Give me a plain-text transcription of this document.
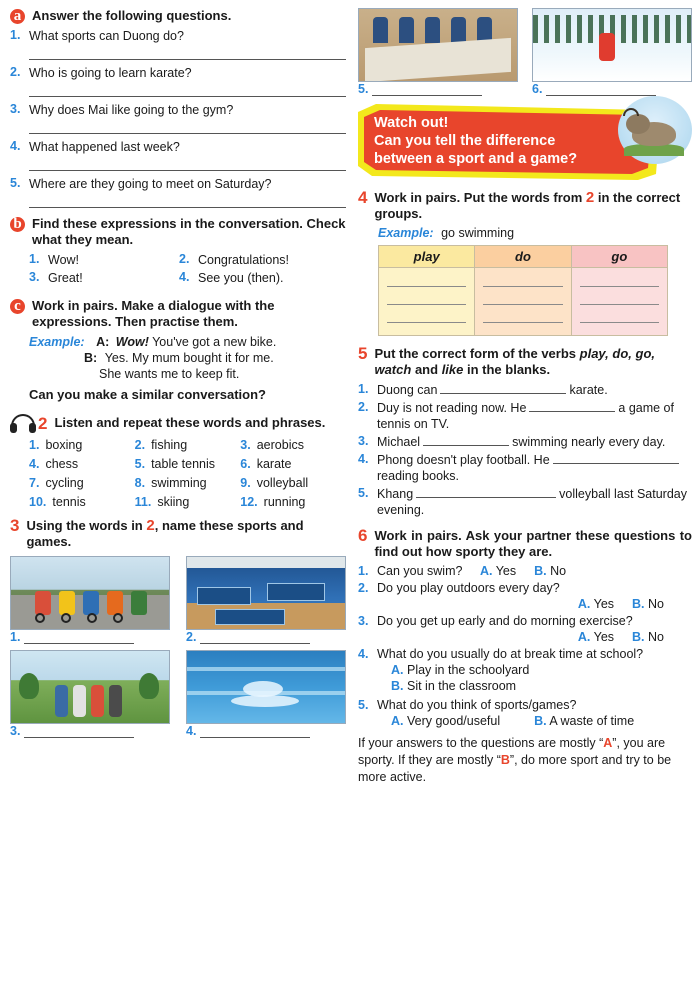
a Answer the following questions.
1. What sports can Duong do?
2. Who is going to learn karate?
3. Why does Mai like going to the gym?
4. What happened last week?
5. Where are they going to meet on Saturday?
b Find these expressions in the conversation. Check what they mean.
1. Wow!	2. Congratulations!
3. Great!	4. See you (then).
c Work in pairs. Make a dialogue with the expressions. Then practise them.
Example: A: Wow! You've got a new bike.
B: Yes. My mum bought it for me.
She wants me to keep fit.
Can you make a similar conversation?
2 Listen and repeat these words and phrases.
1. boxing	2. fishing	3. aerobics
4. chess	5. table tennis 6. karate
7. cycling	8. swimming	9. volleyball
10. tennis	11. skiing	12. running
3 Using the words in 2, name these sports and games.
1.	2.
3.	4.
5.	6.
Watch out!
Can you tell the difference
between a sport and a game?
4 Work in pairs. Put the words from 2 in the correct groups.
Example: go swimming
play	do	go
5 Put the correct form of the verbs play, do, go, watch and like in the blanks.
1. Duong can	karate.
2. Duy is not reading now. He	a game of tennis on TV.
3. Michael	swimming nearly every day.
4. Phong doesn't play football. Hereading books.
5. Khang	volleyball last Saturday evening.
6 Work in pairs. Ask your partner these questions to find out how sporty they are.
1. Can you swim? A. Yes B. No
2. Do you play outdoors every day?
A. Yes B. No
3. Do you get up early and do morning exercise?
A. Yes B. No
4. What do you usually do at break time at school?
A. Play in the schoolyard
B. Sit in the classroom
5. What do you think of sports/games?
A. Very good/useful	B. A waste of time
If your answers to the questions are mostly “A”, you are sporty. If they are mostly “B”, do more sport and try to be more active.
